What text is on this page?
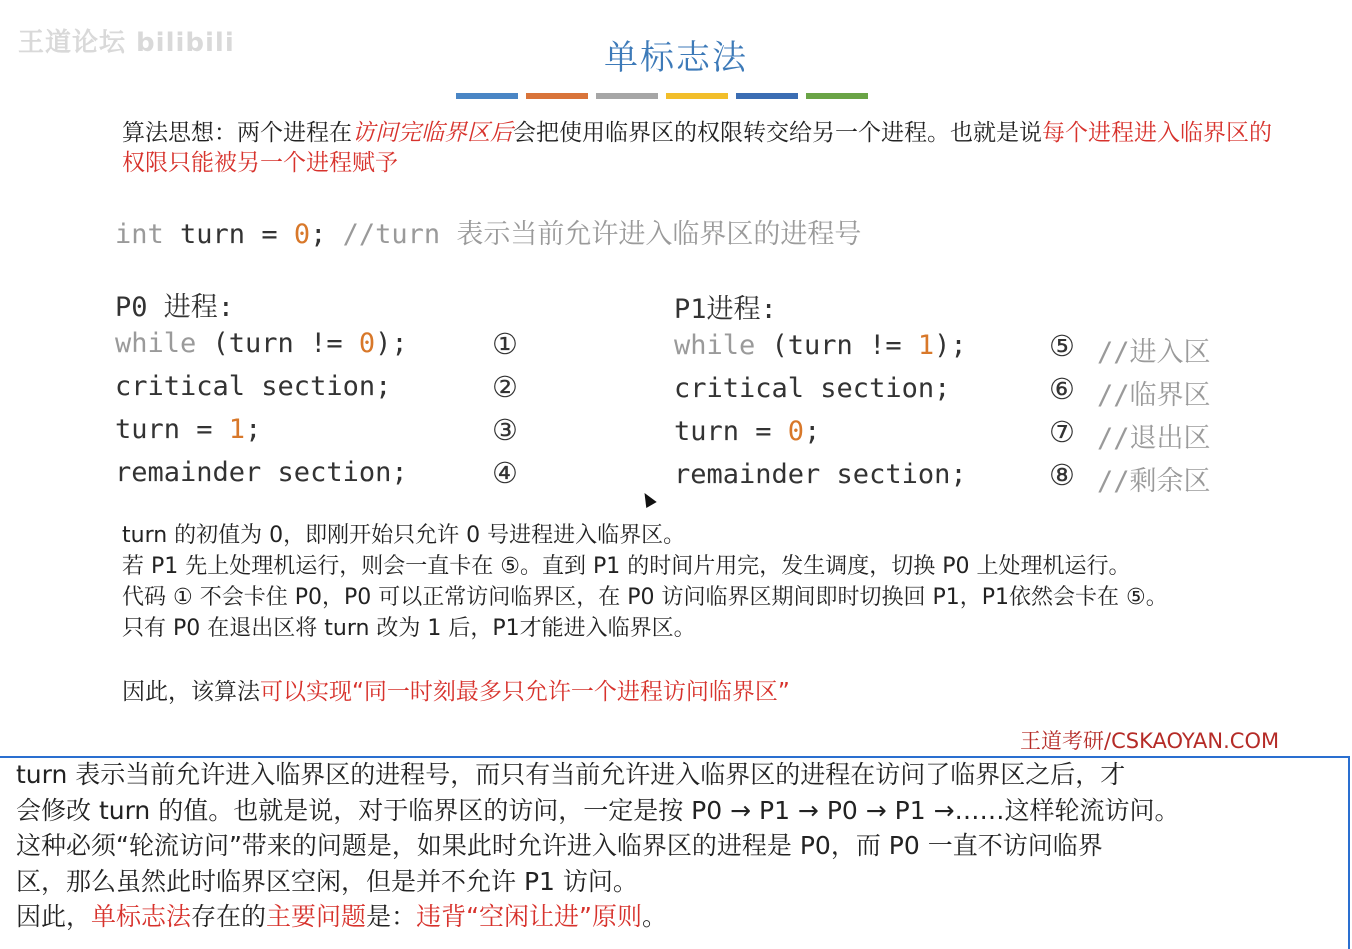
王道论坛 bilibili	单标志法
算法思想：两个进程在访问完临界区后会把使用临界区的权限转交给另一个进程。也就是说每个进程进入临界区的权限只能被另一个进程赋予
int turn = 0; //turn 表示当前允许进入临界区的进程号
P0 进程:
while (turn != 0);
critical section;
turn = 1;
remainder section;
①
②
③
④
P1进程:
while (turn != 1);
critical section;
turn = 0;
remainder section;
⑤
⑥
⑦
⑧
//进入区
//临界区
//退出区
//剩余区
turn 的初值为 0，即刚开始只允许 0 号进程进入临界区。
若 P1 先上处理机运行，则会一直卡在 ⑤。直到 P1 的时间片用完，发生调度，切换 P0 上处理机运行。
代码 ① 不会卡住 P0，P0 可以正常访问临界区，在 P0 访问临界区期间即时切换回 P1，P1依然会卡在 ⑤。
只有 P0 在退出区将 turn 改为 1 后，P1才能进入临界区。
因此，该算法可以实现“同一时刻最多只允许一个进程访问临界区”
王道考研/CSKAOYAN.COM
turn 表示当前允许进入临界区的进程号，而只有当前允许进入临界区的进程在访问了临界区之后，才
会修改 turn 的值。也就是说，对于临界区的访问，一定是按 P0 → P1 → P0 → P1 →……这样轮流访问。
这种必须“轮流访问”带来的问题是，如果此时允许进入临界区的进程是 P0，而 P0 一直不访问临界
区，那么虽然此时临界区空闲，但是并不允许 P1 访问。
因此，单标志法存在的主要问题是：违背“空闲让进”原则。
